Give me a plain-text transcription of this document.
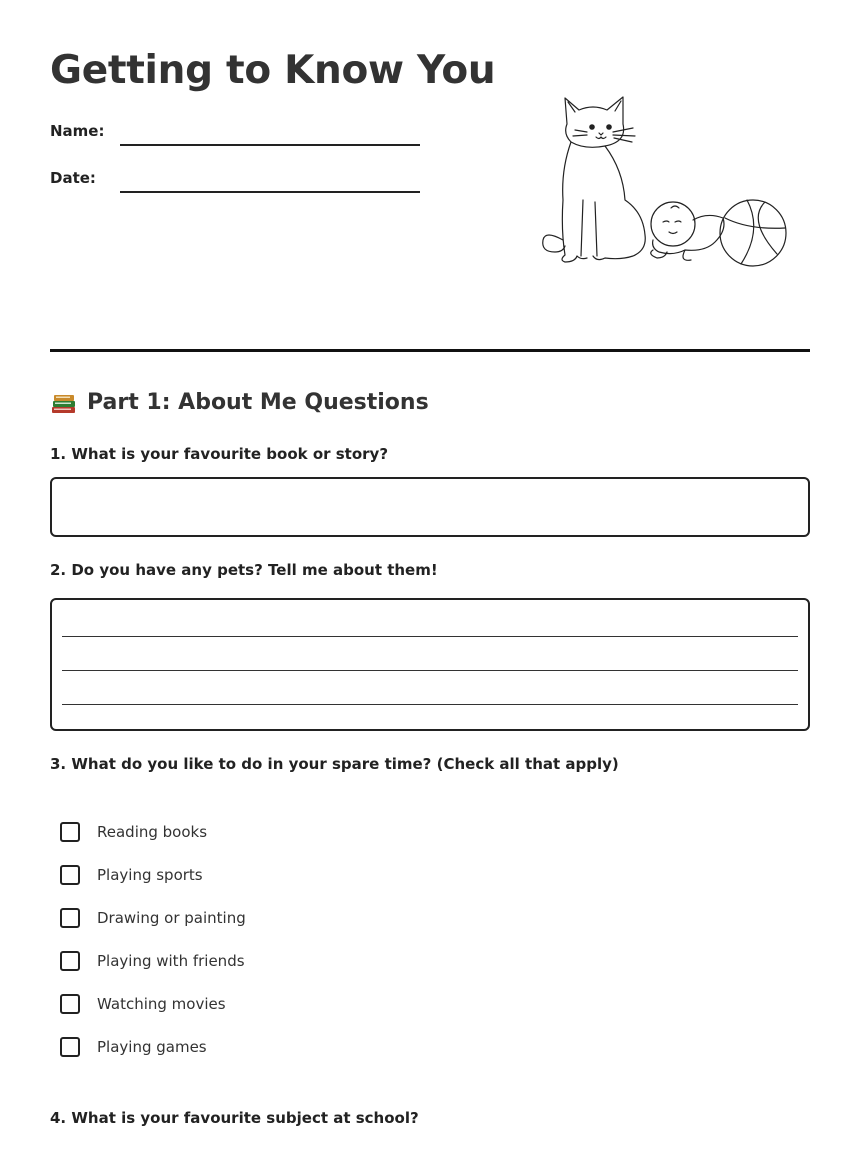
Getting to Know You
Name:
Date:
Part 1: About Me Questions
1. What is your favourite book or story?
2. Do you have any pets? Tell me about them!
3. What do you like to do in your spare time? (Check all that apply)
Reading books
Playing sports
Drawing or painting
Playing with friends
Watching movies
Playing games
4. What is your favourite subject at school?
